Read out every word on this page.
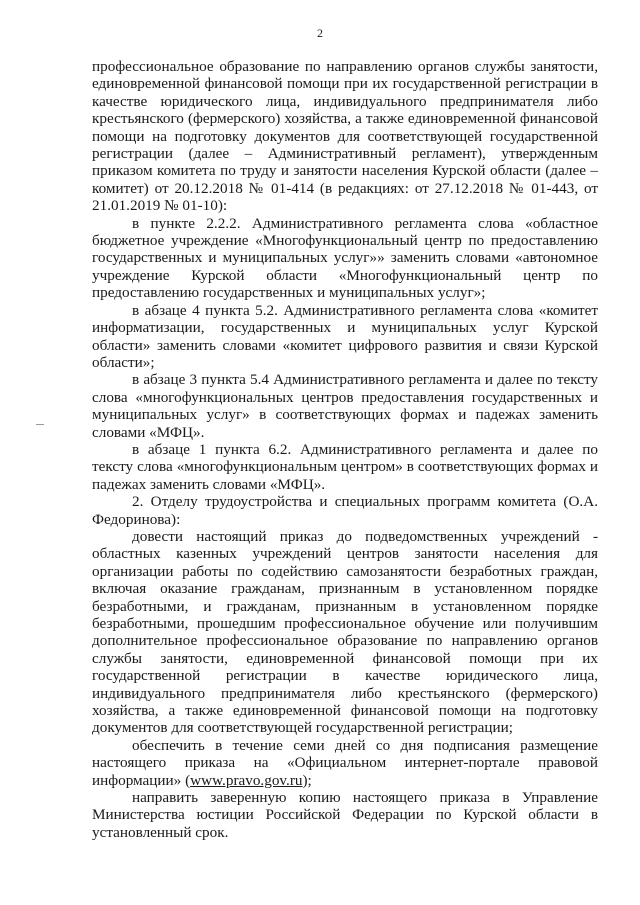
2

профессиональное образование по направлению органов службы занятости, единовременной финансовой помощи при их государственной регистрации в качестве юридического лица, индивидуального предпринимателя либо крестьянского (фермерского) хозяйства, а также единовременной финансовой помощи на подготовку документов для соответствующей государственной регистрации (далее – Административный регламент), утвержденным приказом комитета по труду и занятости населения Курской области (далее – комитет) от 20.12.2018 № 01-414 (в редакциях: от 27.12.2018 № 01-443, от 21.01.2019 № 01-10):

в пункте 2.2.2. Административного регламента слова «областное бюджетное учреждение «Многофункциональный центр по предоставлению государственных и муниципальных услуг»» заменить словами «автономное учреждение Курской области «Многофункциональный центр по предоставлению государственных и муниципальных услуг»;

в абзаце 4 пункта 5.2. Административного регламента слова «комитет информатизации, государственных и муниципальных услуг Курской области» заменить словами «комитет цифрового развития и связи Курской области»;

в абзаце 3 пункта 5.4 Административного регламента и далее по тексту слова «многофункциональных центров предоставления государственных и муниципальных услуг» в соответствующих формах и падежах заменить словами «МФЦ».

в абзаце 1 пункта 6.2. Административного регламента и далее по тексту слова «многофункциональным центром» в соответствующих формах и падежах заменить словами «МФЦ».

2. Отделу трудоустройства и специальных программ комитета (О.А. Федоринова):

довести настоящий приказ до подведомственных учреждений - областных казенных учреждений центров занятости населения для организации работы по содействию самозанятости безработных граждан, включая оказание гражданам, признанным в установленном порядке безработными, и гражданам, признанным в установленном порядке безработными, прошедшим профессиональное обучение или получившим дополнительное профессиональное образование по направлению органов службы занятости, единовременной финансовой помощи при их государственной регистрации в качестве юридического лица, индивидуального предпринимателя либо крестьянского (фермерского) хозяйства, а также единовременной финансовой помощи на подготовку документов для соответствующей государственной регистрации;

обеспечить в течение семи дней со дня подписания размещение настоящего приказа на «Официальном интернет-портале правовой информации» (www.pravo.gov.ru);

направить заверенную копию настоящего приказа в Управление Министерства юстиции Российской Федерации по Курской области в установленный срок.
